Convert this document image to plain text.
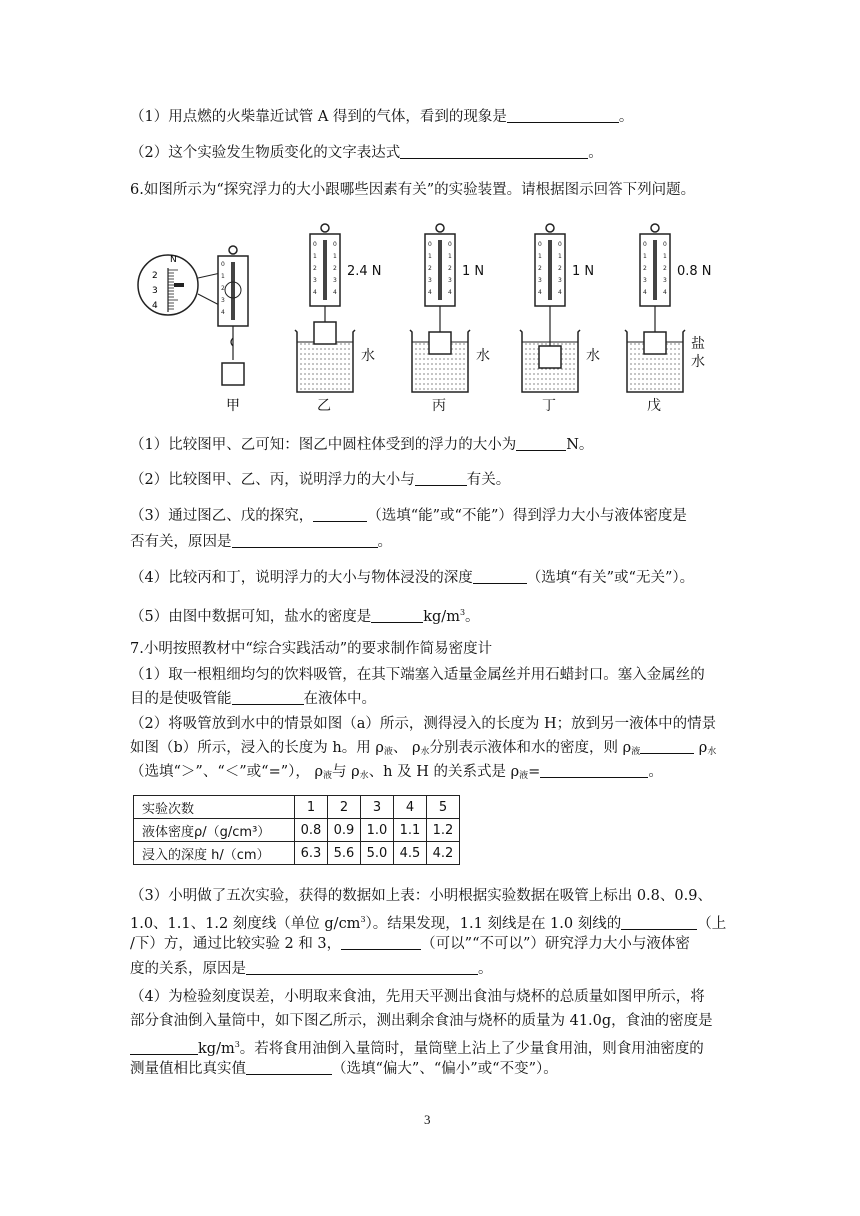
（1）用点燃的火柴靠近试管 A 得到的气体，看到的现象是	。
（2）这个实验发生物质变化的文字表达式	。
6.如图所示为“探究浮力的大小跟哪些因素有关”的实验装置。请根据图示回答下列问题。
N
2
3
4
0
1
2
3
4
甲
0	0
1	1
2	2
3	3
4	4
2.4 N
水
乙
0	0
1	1
2	2
3	3
4	4
1 N
水
丙
0	0
1	1
2	2
3	3
4	4
1 N
水
丁
0	0
1	1
2	2
3	3
4	4
0.8 N
盐
水
戊
（1）比较图甲、乙可知：图乙中圆柱体受到的浮力的大小为	N。
（2）比较图甲、乙、丙，说明浮力的大小与	有关。
（3）通过图乙、戊的探究，	（选填“能”或“不能”）得到浮力大小与液体密度是
否有关，原因是	。
（4）比较丙和丁，说明浮力的大小与物体浸没的深度	（选填“有关”或“无关”）。
（5）由图中数据可知，盐水的密度是	$kg/m^3$。
7.小明按照教材中“综合实践活动”的要求制作简易密度计
（1）取一根粗细均匀的饮料吸管，在其下端塞入适量金属丝并用石蜡封口。塞入金属丝的
目的是使吸管能	在液体中。
（2）将吸管放到水中的情景如图（a）所示，测得浸入的长度为 H；放到另一液体中的情景
如图（b）所示，浸入的长度为 h。用 $\rho_液$、 $\rho_水$分别表示液体和水的密度，则 $\rho_液$	$\rho_水$
（选填“＞”、“＜”或“=”）， $\rho_液$与 $\rho_水$、h 及 H 的关系式是 $\rho_液=$	。
实验次数	1	2	3	4	5
液体密度ρ/（g/cm³）	0.8	0.9	1.0	1.1	1.2
浸入的深度 h/（cm）	6.3	5.6	5.0	4.5	4.2
（3）小明做了五次实验，获得的数据如上表：小明根据实验数据在吸管上标出 0.8、0.9、
1.0、1.1、1.2 刻度线（单位 $g/cm^3$）。结果发现，1.1 刻线是在 1.0 刻线的	（上
/下）方，通过比较实验 2 和 3，	（可以”“不可以”）研究浮力大小与液体密
度的关系，原因是	。
（4）为检验刻度误差，小明取来食油，先用天平测出食油与烧杯的总质量如图甲所示，将
部分食油倒入量筒中，如下图乙所示，测出剩余食油与烧杯的质量为 41.0g，食油的密度是
$kg/m^3$。若将食用油倒入量筒时，量筒壁上沾上了少量食用油，则食用油密度的
测量值相比真实值	（选填“偏大”、“偏小”或“不变”）。
3
